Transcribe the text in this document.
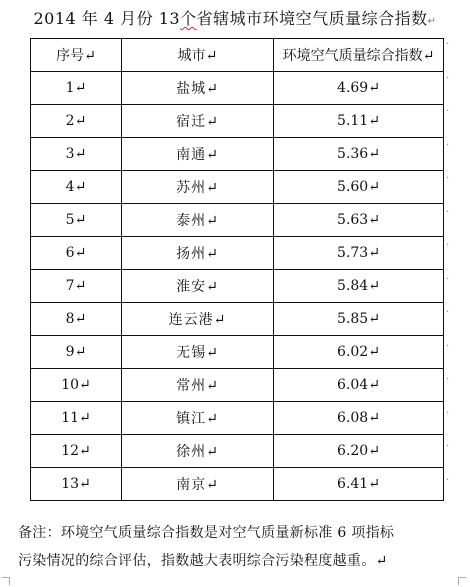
2014 年 4 月份 13个省辖城市环境空气质量综合指数↵
序号↵	城市↵	环境空气质量综合指数↵
1↵	盐城↵	4.69↵
2↵	宿迁↵	5.11↵
3↵	南通↵	5.36↵
4↵	苏州↵	5.60↵
5↵	泰州↵	5.63↵
6↵	扬州↵	5.73↵
7↵	淮安↵	5.84↵
8↵	连云港↵	5.85↵
9↵	无锡↵	6.02↵
10↵	常州↵	6.04↵
11↵	镇江↵	6.08↵
12↵	徐州↵	6.20↵
13↵	南京↵	6.41↵
·
·
·
·
·
·
·
·
·
·
·
·
·
·
备注：环境空气质量综合指数是对空气质量新标准 6 项指标
污染情况的综合评估，指数越大表明综合污染程度越重。↵
